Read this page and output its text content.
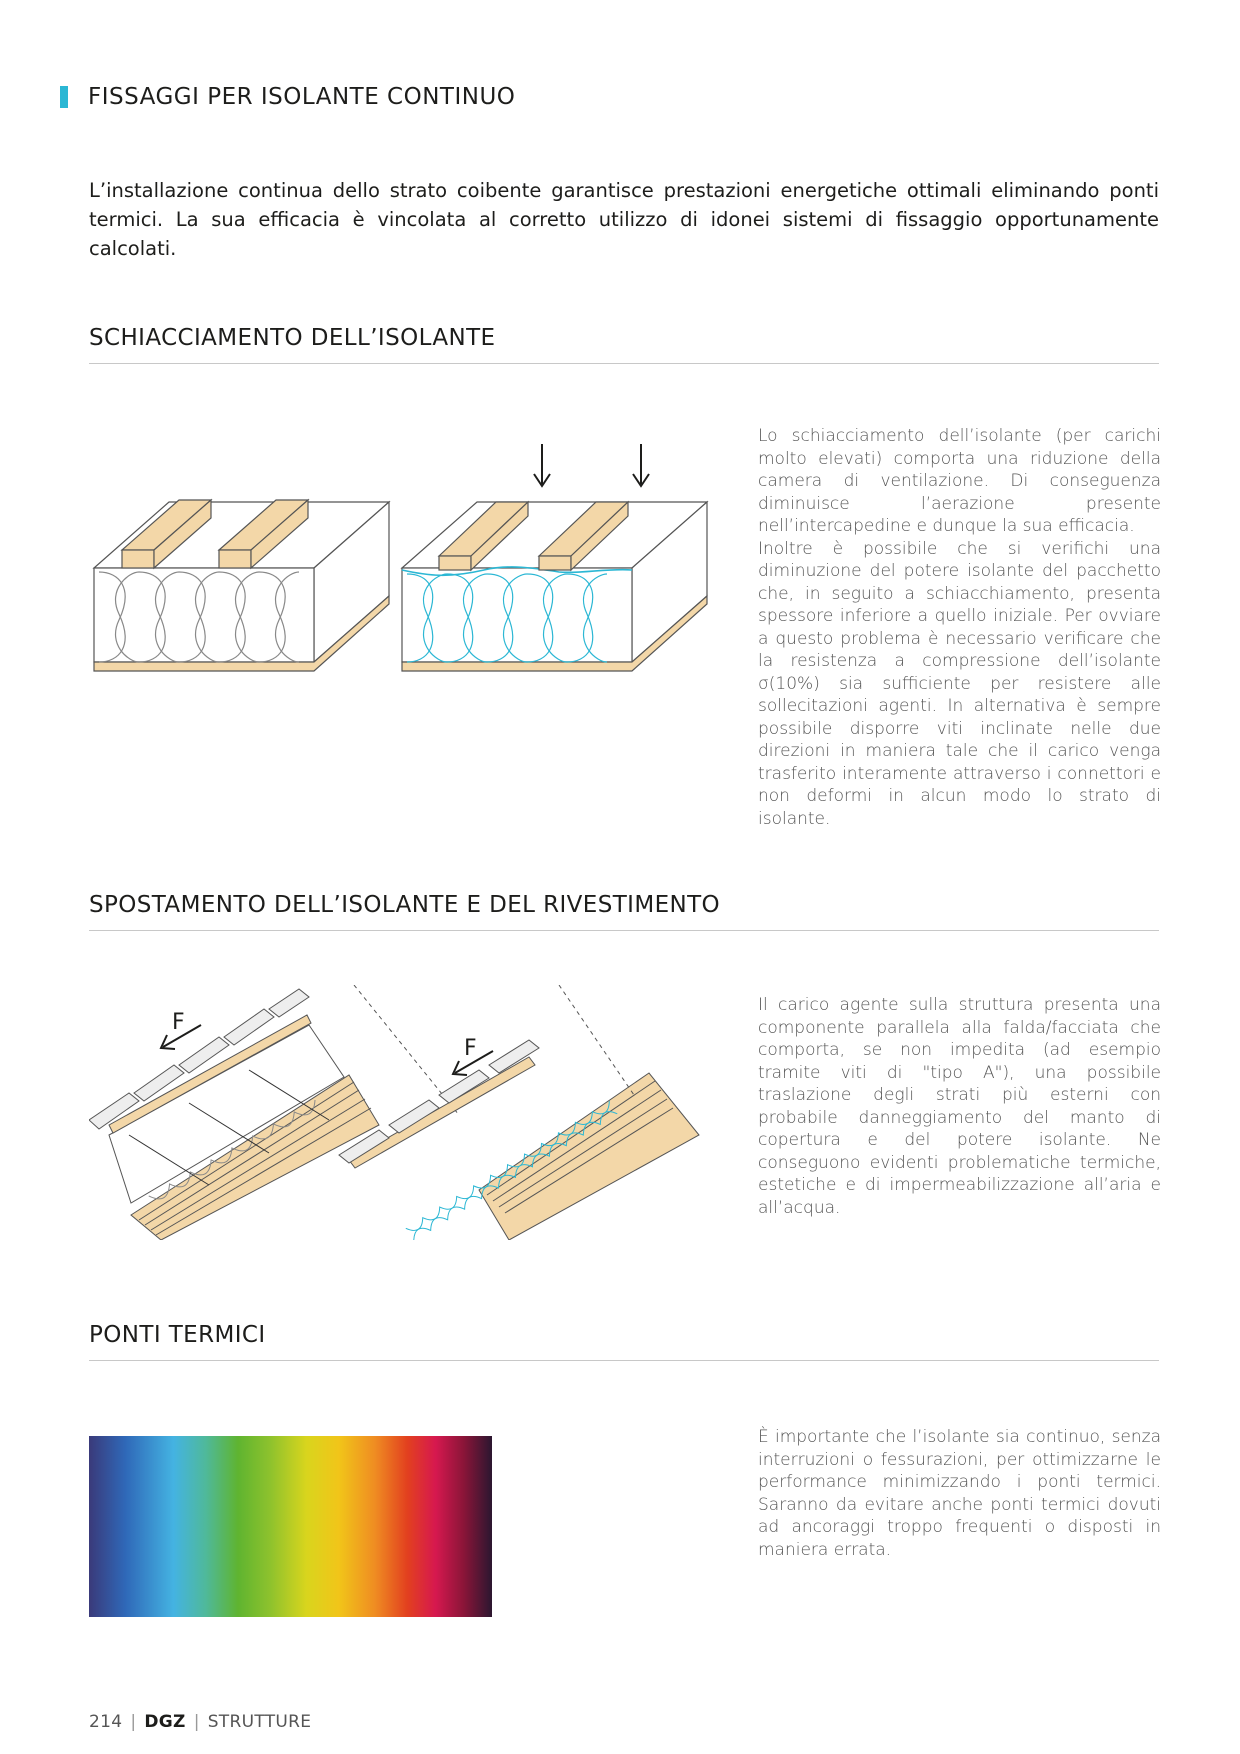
FISSAGGI PER ISOLANTE CONTINUO
L’installazione continua dello strato coibente garantisce prestazioni energetiche ottimali eliminando ponti termici. La sua efficacia è vincolata al corretto utilizzo di idonei sistemi di fissaggio opportunamente calcolati.
SCHIACCIAMENTO DELL’ISOLANTE

Lo schiacciamento dell’isolante (per carichi molto elevati) comporta una riduzione della camera di ventilazione. Di conseguenza diminuisce l’aerazione presente nell’intercapedine e dunque la sua efficacia.

Inoltre è possibile che si verifichi una diminuzione del potere isolante del pacchetto che, in seguito a schiacchiamento, presenta spessore inferiore a quello iniziale. Per ovviare a questo problema è necessario verificare che la resistenza a compressione dell’isolante σ(10%) sia sufficiente per resistere alle sollecitazioni agenti. In alternativa è sempre possibile disporre viti inclinate nelle due direzioni in maniera tale che il carico venga trasferito interamente attraverso i connettori e non deformi in alcun modo lo strato di isolante.

SPOSTAMENTO DELL’ISOLANTE E DEL RIVESTIMENTO
F
F
Il carico agente sulla struttura presenta una componente parallela alla falda/facciata che comporta, se non impedita (ad esempio tramite viti di "tipo A"), una possibile traslazione degli strati più esterni con probabile danneggiamento del manto di copertura e del potere isolante. Ne conseguono evidenti problematiche termiche, estetiche e di impermeabilizzazione all’aria e all’acqua.
PONTI TERMICI
È importante che l’isolante sia continuo, senza interruzioni o fessurazioni, per ottimizzarne le performance minimizzando i ponti termici. Saranno da evitare anche ponti termici dovuti ad ancoraggi troppo frequenti o disposti in maniera errata.
214 | DGZ | STRUTTURE
